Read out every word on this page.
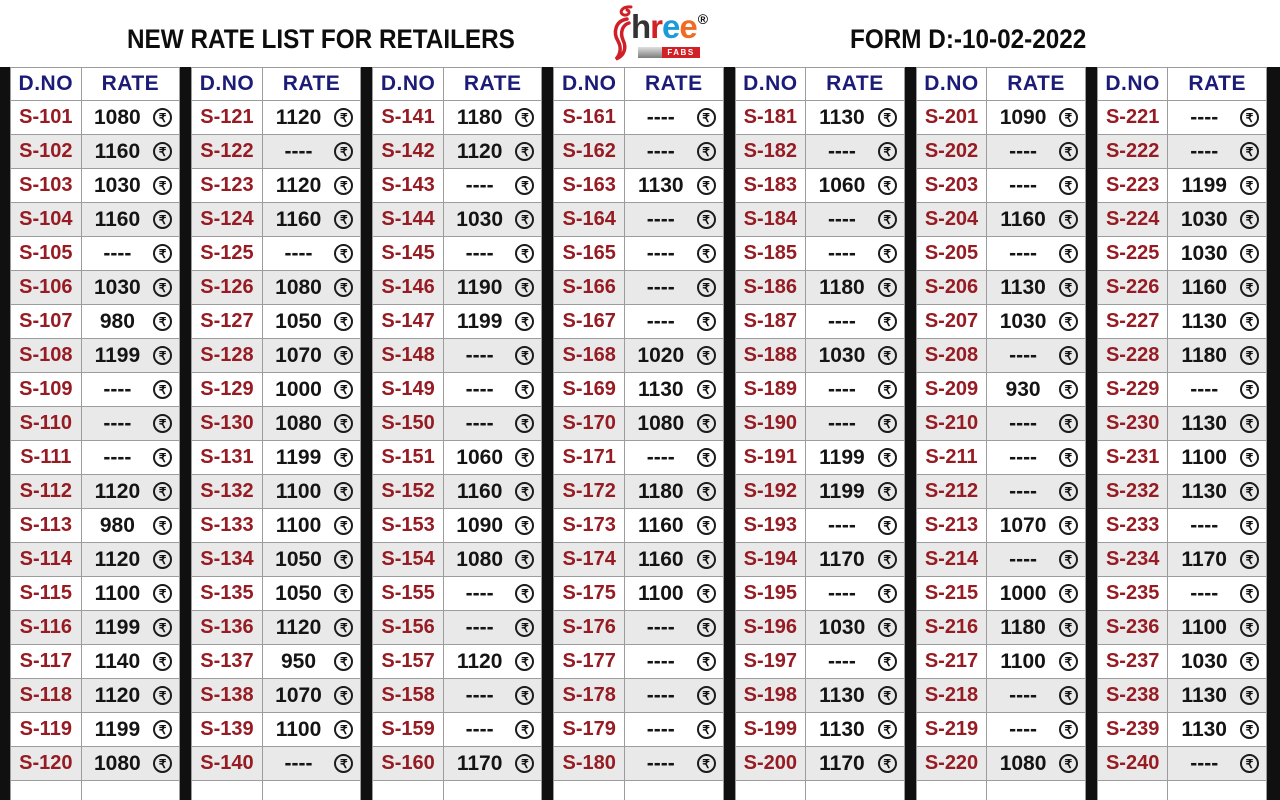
NEW RATE LIST FOR RETAILERS	hree®
FABS	FORM D:-10-02-2022
D.NO	RATE
S-101	1080	₹
S-102	1160	₹
S-103	1030	₹
S-104	1160	₹
S-105	----	₹
S-106	1030	₹
S-107	980	₹
S-108	1199	₹
S-109	----	₹
S-110	----	₹
S-111	----	₹
S-112	1120	₹
S-113	980	₹
S-114	1120	₹
S-115	1100	₹
S-116	1199	₹
S-117	1140	₹
S-118	1120	₹
S-119	1199	₹
S-120	1080	₹
D.NO	RATE
S-121	1120	₹
S-122	----	₹
S-123	1120	₹
S-124	1160	₹
S-125	----	₹
S-126	1080	₹
S-127	1050	₹
S-128	1070	₹
S-129	1000	₹
S-130	1080	₹
S-131	1199	₹
S-132	1100	₹
S-133	1100	₹
S-134	1050	₹
S-135	1050	₹
S-136	1120	₹
S-137	950	₹
S-138	1070	₹
S-139	1100	₹
S-140	----	₹
D.NO	RATE
S-141	1180	₹
S-142	1120	₹
S-143	----	₹
S-144	1030	₹
S-145	----	₹
S-146	1190	₹
S-147	1199	₹
S-148	----	₹
S-149	----	₹
S-150	----	₹
S-151	1060	₹
S-152	1160	₹
S-153	1090	₹
S-154	1080	₹
S-155	----	₹
S-156	----	₹
S-157	1120	₹
S-158	----	₹
S-159	----	₹
S-160	1170	₹
D.NO	RATE
S-161	----	₹
S-162	----	₹
S-163	1130	₹
S-164	----	₹
S-165	----	₹
S-166	----	₹
S-167	----	₹
S-168	1020	₹
S-169	1130	₹
S-170	1080	₹
S-171	----	₹
S-172	1180	₹
S-173	1160	₹
S-174	1160	₹
S-175	1100	₹
S-176	----	₹
S-177	----	₹
S-178	----	₹
S-179	----	₹
S-180	----	₹
D.NO	RATE
S-181	1130	₹
S-182	----	₹
S-183	1060	₹
S-184	----	₹
S-185	----	₹
S-186	1180	₹
S-187	----	₹
S-188	1030	₹
S-189	----	₹
S-190	----	₹
S-191	1199	₹
S-192	1199	₹
S-193	----	₹
S-194	1170	₹
S-195	----	₹
S-196	1030	₹
S-197	----	₹
S-198	1130	₹
S-199	1130	₹
S-200	1170	₹
D.NO	RATE
S-201	1090	₹
S-202	----	₹
S-203	----	₹
S-204	1160	₹
S-205	----	₹
S-206	1130	₹
S-207	1030	₹
S-208	----	₹
S-209	930	₹
S-210	----	₹
S-211	----	₹
S-212	----	₹
S-213	1070	₹
S-214	----	₹
S-215	1000	₹
S-216	1180	₹
S-217	1100	₹
S-218	----	₹
S-219	----	₹
S-220	1080	₹
D.NO	RATE
S-221	----	₹
S-222	----	₹
S-223	1199	₹
S-224	1030	₹
S-225	1030	₹
S-226	1160	₹
S-227	1130	₹
S-228	1180	₹
S-229	----	₹
S-230	1130	₹
S-231	1100	₹
S-232	1130	₹
S-233	----	₹
S-234	1170	₹
S-235	----	₹
S-236	1100	₹
S-237	1030	₹
S-238	1130	₹
S-239	1130	₹
S-240	----	₹
